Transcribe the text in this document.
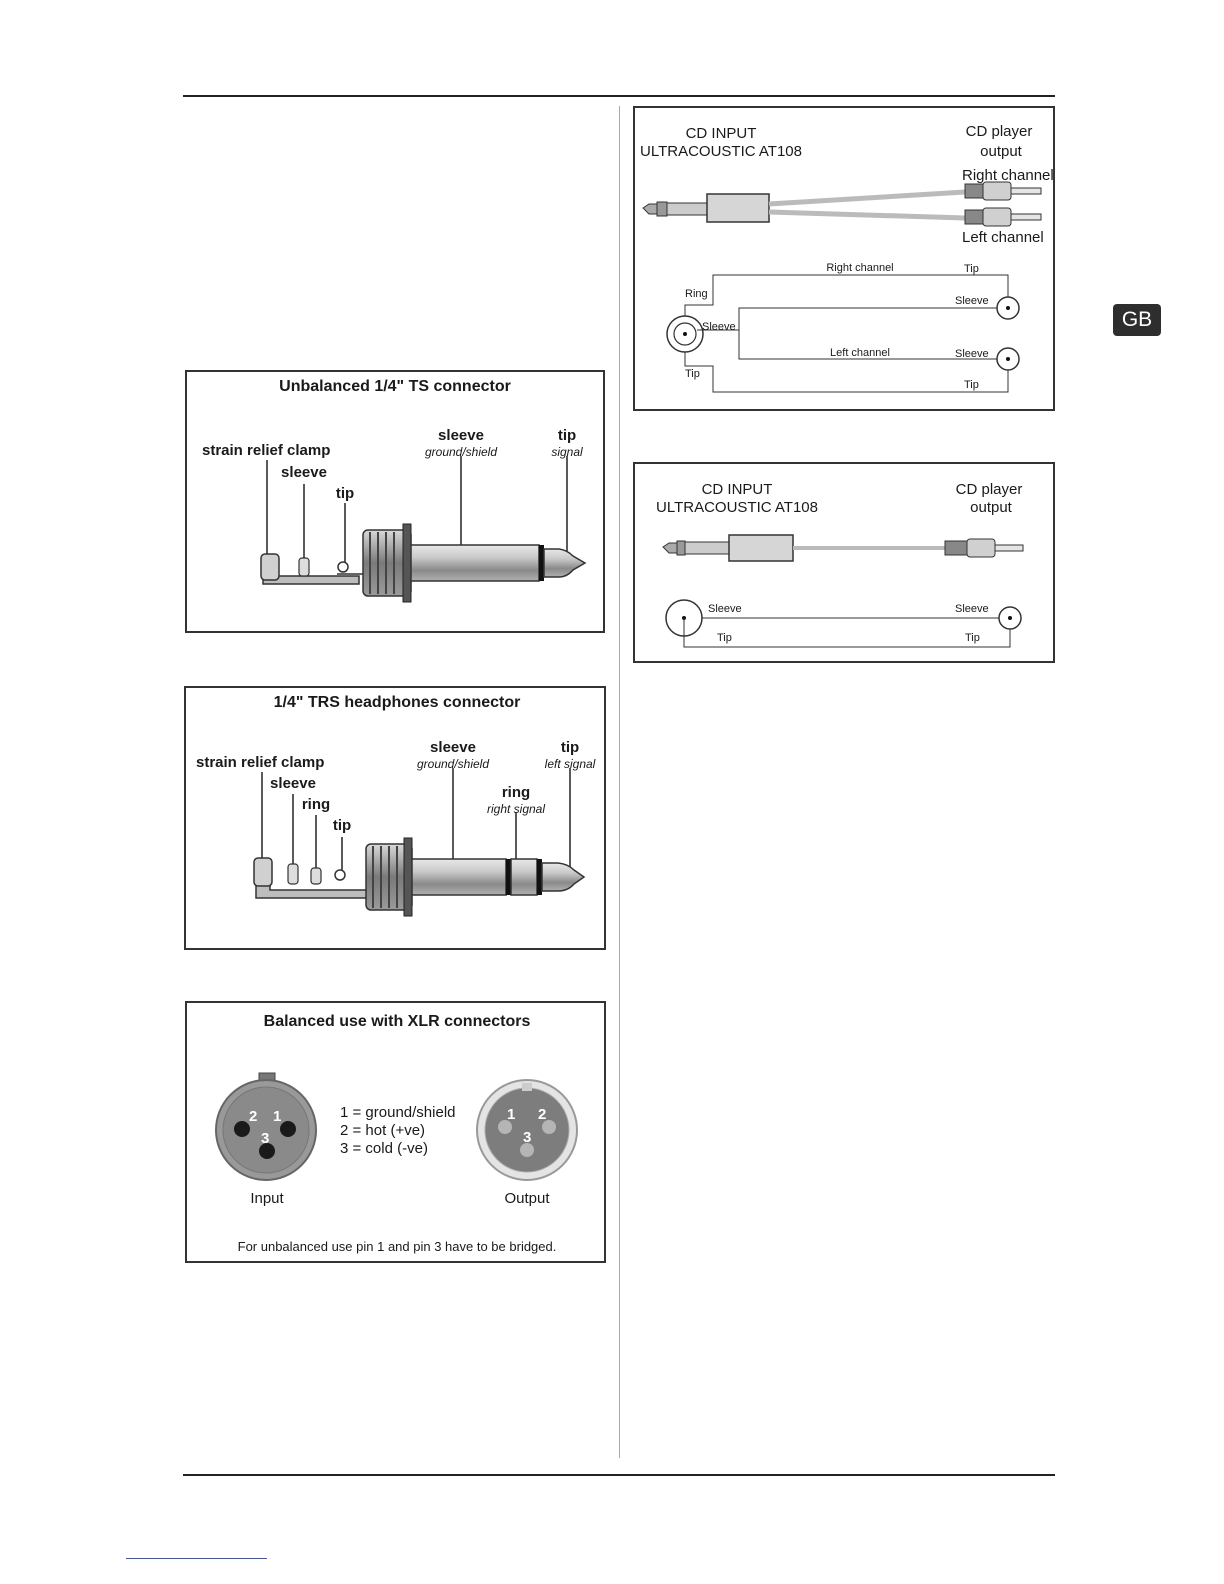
GB
Unbalanced 1/4" TS connector
strain relief clamp
sleeve
tip
sleeve
ground/shield
tip
signal
1/4" TRS headphones connector
strain relief clamp
sleeve
ring
tip
sleeve
ground/shield
ring
right signal
tip
left signal
Balanced use with XLR connectors
2 1
3
1 2
3
1 = ground/shield
2 = hot (+ve)
3 = cold (-ve)
Input	Output
For unbalanced use pin 1 and pin 3 have to be bridged.
CD INPUT
ULTRACOUSTIC AT108
CD player
output
Right channel
Left channel
Right channel
Left channel
Ring
Sleeve
Tip
Tip
Sleeve
Sleeve
Tip
CD INPUT
ULTRACOUSTIC AT108
CD player
output
Sleeve	Sleeve
Tip	Tip
